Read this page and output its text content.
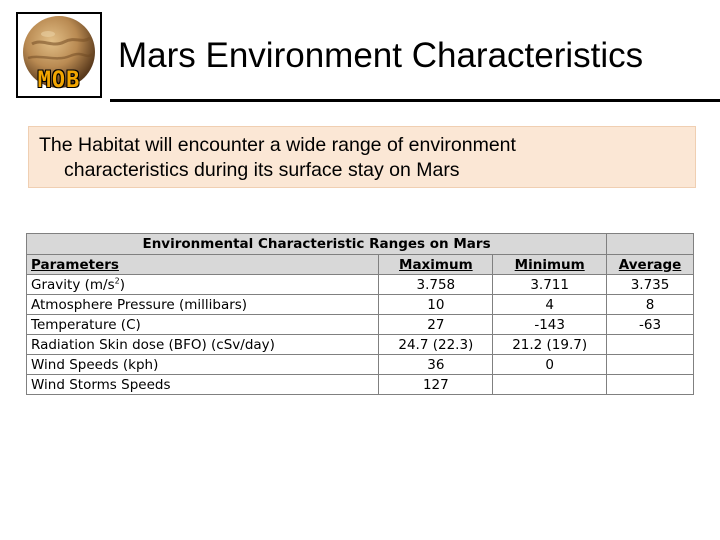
MOB
Mars Environment Characteristics
The Habitat will encounter a wide range of environment
characteristics during its surface stay on Mars
Environmental Characteristic Ranges on Mars			
Parameters	Maximum	Minimum	Average
Gravity $(m/s^2)$	3.758	3.711	3.735
Atmosphere Pressure (millibars)	10	4	8
Temperature (C)	27	-143	-63
Radiation Skin dose (BFO) (cSv/day)	24.7 (22.3)	21.2 (19.7)	
Wind Speeds (kph)	36	0	
Wind Storms Speeds	127		
